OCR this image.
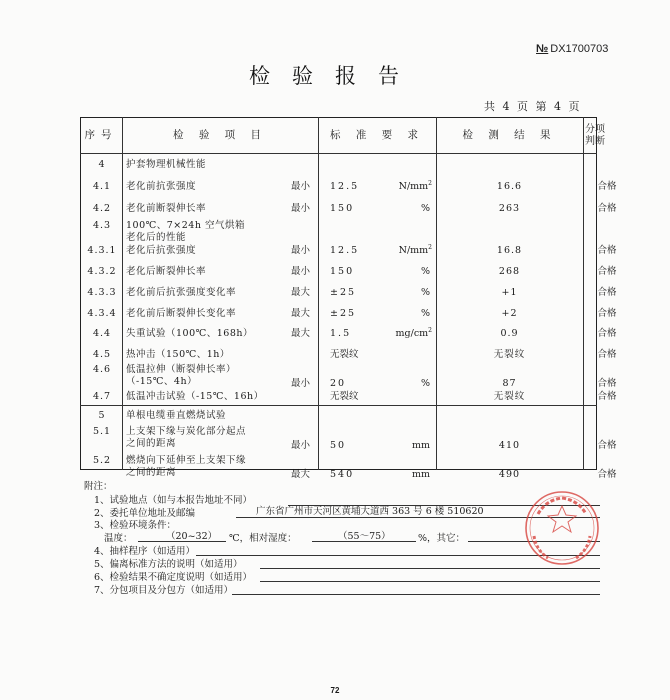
№ DX1700703
检验报告
共 4 页 第 4 页
序号	检 验 项 目	标 准 要 求	检 测 结 果	分项
判断
4	护套物理机械性能
4.1	老化前抗张强度	最小 12.5	$N/mm^2$	16.6	合格
4.2	老化前断裂伸长率	最小 150	%	263	合格
4.3	100℃、7×24h 空气烘箱
老化后的性能
4.3.1 老化后抗张强度	最小 12.5	$N/mm^2$	16.8	合格
4.3.2 老化后断裂伸长率	最小 150	%	268	合格
4.3.3 老化前后抗张强度变化率	最大 ±25	%	+1	合格
4.3.4 老化前后断裂伸长变化率	最大 ±25	%	+2	合格
4.4	失重试验（100℃、168h）	最大 1.5	$mg/cm^2$	0.9	合格
4.5	热冲击（150℃、1h）	无裂纹	无裂纹	合格
4.6	低温拉伸（断裂伸长率）
（-15℃、4h）	最小 20	%	87	合格
4.7	低温冲击试验（-15℃、16h）	无裂纹	无裂纹	合格
5	单根电缆垂直燃烧试验
5.1	上支架下缘与炭化部分起点
之间的距离	最小 50	mm	410	合格
5.2	燃烧向下延伸至上支架下缘
之间的距离	最大 540	mm	490	合格
附注：
1、试验地点（如与本报告地址不同）
2、委托单位地址及邮编	广东省广州市天河区黄埔大道西 363 号 6 楼 510620
3、检验环境条件：
温度：	（20~32） ℃，相对湿度：	（55～75）	%，其它：
4、抽样程序（如适用）
5、偏离标准方法的说明（如适用）
6、检验结果不确定度说明（如适用）
7、分包项目及分包方（如适用）
72
